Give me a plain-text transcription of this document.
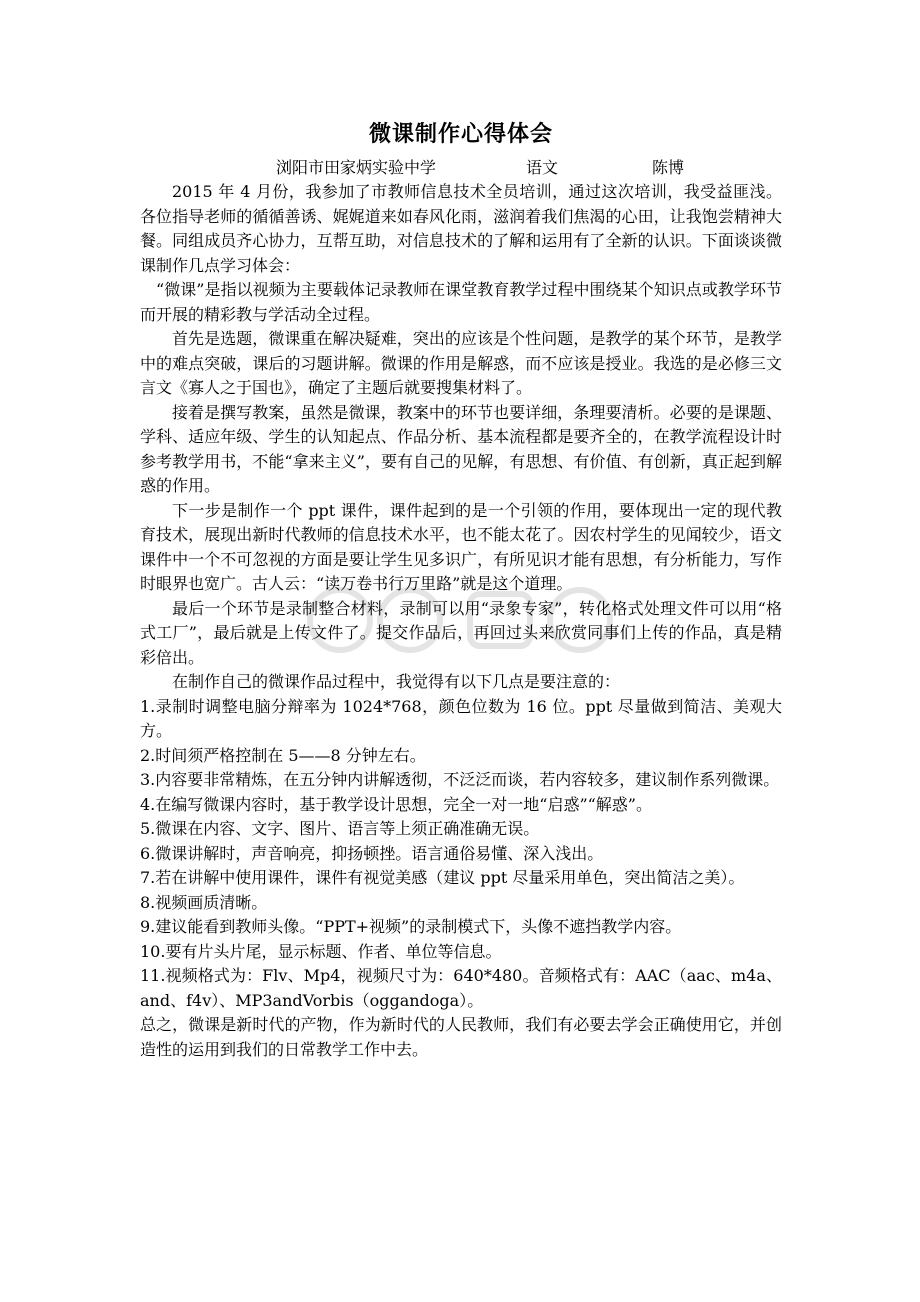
微课制作心得体会
浏阳市田家炳实验中学	语文	陈博

2015 年 4 月份，我参加了市教师信息技术全员培训，通过这次培训，我受益匪浅。各位指导老师的循循善诱、娓娓道来如春风化雨，滋润着我们焦渴的心田，让我饱尝精神大餐。同组成员齐心协力，互帮互助，对信息技术的了解和运用有了全新的认识。下面谈谈微课制作几点学习体会：

“微课”是指以视频为主要载体记录教师在课堂教育教学过程中围绕某个知识点或教学环节而开展的精彩教与学活动全过程。

首先是选题，微课重在解决疑难，突出的应该是个性问题，是教学的某个环节，是教学中的难点突破，课后的习题讲解。微课的作用是解惑，而不应该是授业。我选的是必修三文言文《寡人之于国也》，确定了主题后就要搜集材料了。

接着是撰写教案，虽然是微课，教案中的环节也要详细，条理要清析。必要的是课题、学科、适应年级、学生的认知起点、作品分析、基本流程都是要齐全的，在教学流程设计时参考教学用书，不能“拿来主义”，要有自己的见解，有思想、有价值、有创新，真正起到解惑的作用。

下一步是制作一个 ppt 课件，课件起到的是一个引领的作用，要体现出一定的现代教育技术，展现出新时代教师的信息技术水平，也不能太花了。因农村学生的见闻较少，语文课件中一个不可忽视的方面是要让学生见多识广，有所见识才能有思想，有分析能力，写作时眼界也宽广。古人云：“读万卷书行万里路”就是这个道理。

最后一个环节是录制整合材料，录制可以用“录象专家”，转化格式处理文件可以用“格式工厂”，最后就是上传文件了。提交作品后，再回过头来欣赏同事们上传的作品，真是精彩倍出。

在制作自己的微课作品过程中，我觉得有以下几点是要注意的：

1.录制时调整电脑分辩率为 1024*768，颜色位数为 16 位。ppt 尽量做到简洁、美观大方。

2.时间须严格控制在 5——8 分钟左右。

3.内容要非常精炼，在五分钟内讲解透彻，不泛泛而谈，若内容较多，建议制作系列微课。

4.在编写微课内容时，基于教学设计思想，完全一对一地“启惑”“解惑”。

5.微课在内容、文字、图片、语言等上须正确准确无误。

6.微课讲解时，声音响亮，抑扬顿挫。语言通俗易懂、深入浅出。

7.若在讲解中使用课件，课件有视觉美感（建议 ppt 尽量采用单色，突出简洁之美）。

8.视频画质清晰。

9.建议能看到教师头像。“PPT+视频”的录制模式下，头像不遮挡教学内容。

10.要有片头片尾，显示标题、作者、单位等信息。

11.视频格式为：Flv、Mp4，视频尺寸为：640*480。音频格式有：AAC（aac、m4a、and、f4v）、MP3andVorbis（oggandoga）。

总之，微课是新时代的产物，作为新时代的人民教师，我们有必要去学会正确使用它，并创造性的运用到我们的日常教学工作中去。
